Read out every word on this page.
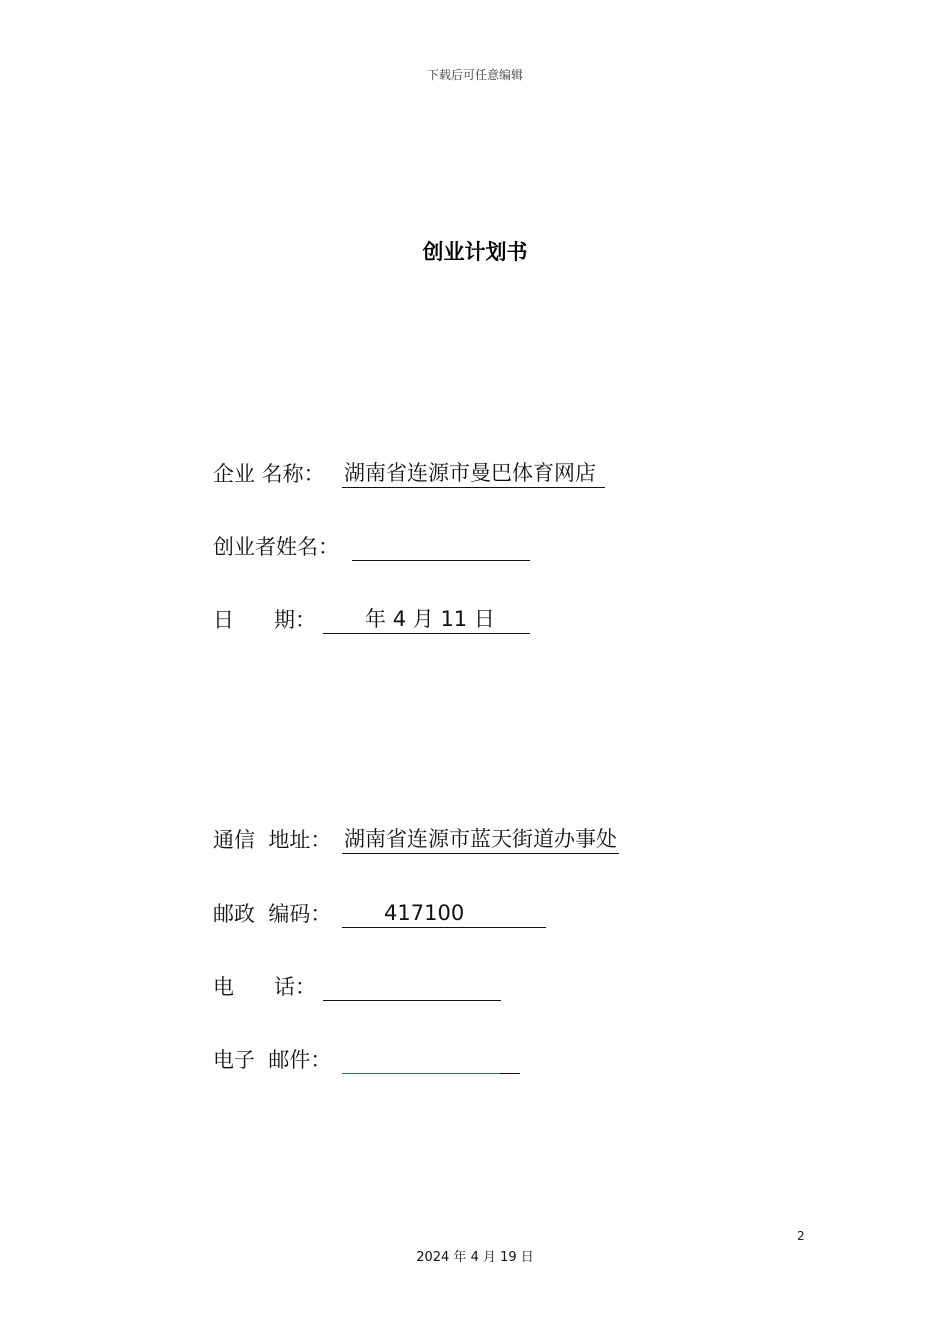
下载后可任意编辑
创业计划书
企业 名称： 湖南省连源市曼巴体育网店
创业者姓名：
日      期： 年 4 月 11 日
通信  地址： 湖南省连源市蓝天街道办事处
邮政  编码： 417100
电      话：
电子  邮件：
2
2024 年 4 月 19 日
